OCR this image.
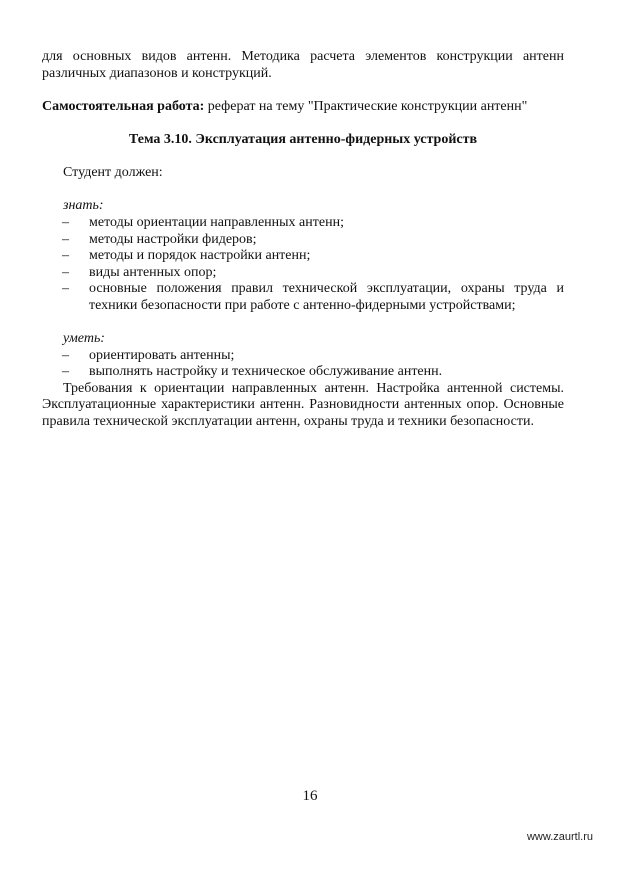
для основных видов антенн. Методика расчета элементов конструкции антенн различных диапазонов и конструкций.

Самостоятельная работа: реферат на тему "Практические конструкции антенн"

Тема 3.10. Эксплуатация антенно-фидерных устройств

Студент должен:

знать:

– методы ориентации направленных антенн;
– методы настройки фидеров;
– методы и порядок настройки антенн;
– виды антенных опор;
– основные положения правил технической эксплуатации, охраны труда и техники безопасности при работе с антенно-фидерными устройствами;

уметь:

– ориентировать антенны;
– выполнять настройку и техническое обслуживание антенн.

Требования к ориентации направленных антенн. Настройка антенной системы. Эксплуатационные характеристики антенн. Разновидности антенных опор. Основные правила технической эксплуатации антенн, охраны труда и техники безопасности.

16
www.zaurtl.ru
